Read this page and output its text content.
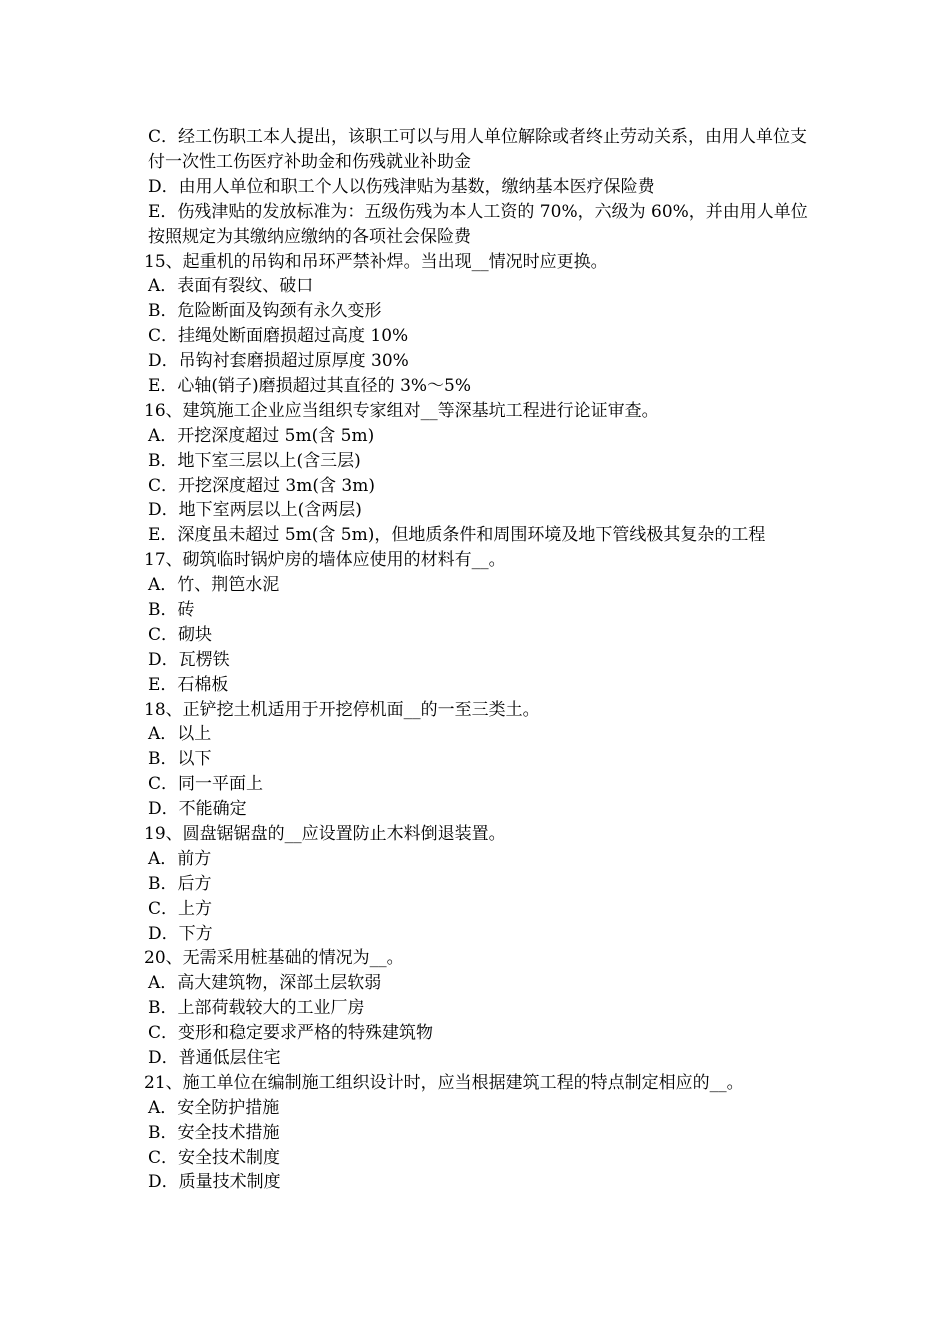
C．经工伤职工本人提出，该职工可以与用人单位解除或者终止劳动关系，由用人单位支付一次性工伤医疗补助金和伤残就业补助金
D．由用人单位和职工个人以伤残津贴为基数，缴纳基本医疗保险费
E．伤残津贴的发放标准为：五级伤残为本人工资的 70%，六级为 60%，并由用人单位按照规定为其缴纳应缴纳的各项社会保险费
15、起重机的吊钩和吊环严禁补焊。当出现__情况时应更换。
A．表面有裂纹、破口
B．危险断面及钩颈有永久变形
C．挂绳处断面磨损超过高度 10%
D．吊钩衬套磨损超过原厚度 30%
E．心轴(销子)磨损超过其直径的 3%～5%
16、建筑施工企业应当组织专家组对__等深基坑工程进行论证审查。
A．开挖深度超过 5m(含 5m)
B．地下室三层以上(含三层)
C．开挖深度超过 3m(含 3m)
D．地下室两层以上(含两层)
E．深度虽未超过 5m(含 5m)，但地质条件和周围环境及地下管线极其复杂的工程
17、砌筑临时锅炉房的墙体应使用的材料有__。
A．竹、荆笆水泥
B．砖
C．砌块
D．瓦楞铁
E．石棉板
18、正铲挖土机适用于开挖停机面__的一至三类土。
A．以上
B．以下
C．同一平面上
D．不能确定
19、圆盘锯锯盘的__应设置防止木料倒退装置。
A．前方
B．后方
C．上方
D．下方
20、无需采用桩基础的情况为__。
A．高大建筑物，深部土层软弱
B．上部荷载较大的工业厂房
C．变形和稳定要求严格的特殊建筑物
D．普通低层住宅
21、施工单位在编制施工组织设计时，应当根据建筑工程的特点制定相应的__。
A．安全防护措施
B．安全技术措施
C．安全技术制度
D．质量技术制度
